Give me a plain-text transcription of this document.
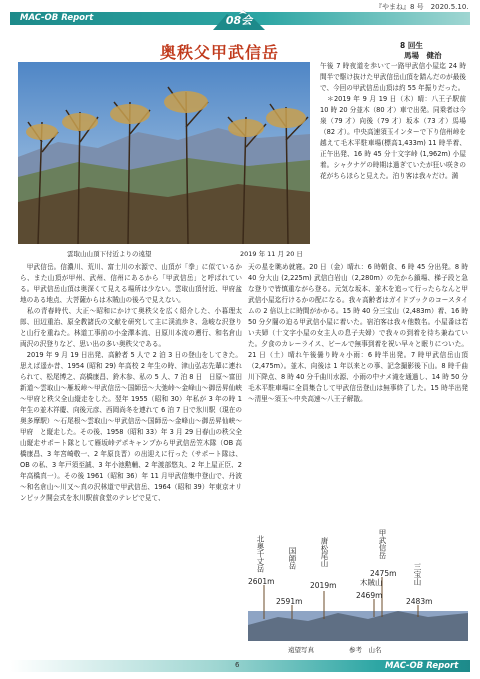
MAC-OB Report
『やまね』8 号　2020.5.10.
08会
奥秩父甲武信岳	8 回生
馬場　健治
雲取山山頂下付近よりの遠望	2019 年 11 月 20 日
午後 7 時夜道を歩いて一路甲武信小屋迄 24 時間半で駆け抜けた甲武信岳山頂を踏んだのが最後で、今回の甲武信岳山頂は約 55 年振りだった。
　＊2019 年 9 月 19 日（木）晴：八王子駅前 10 時 20 分並木（80 才）車で出発。同乗者は今泉（79 才）向後（79 才）坂本（73 才）馬場（82 才）。中央高速須玉インターで下り信州峠を越えて毛木平駐車場(標高1,433m) 11 時半着、正午出発、16 時 45 分十文字峠 (1,962m) 小屋着。シャクナゲの時期は過ぎていたが狂い咲きの花がちらほらと見えた。泊り客は我々だけ。満
　甲武信岳。信濃川、荒川、富士川の水源で、山頂が「拳」に似ているから、また山頂が甲州、武州、信州にあるから「甲武信岳」と呼ばれている。甲武信岳山頂は奥深くて見える場所は少ない。雲取山頂付近、甲府盆地のある地点、大菩薩からは木賊山の後ろで見えない。
　私の青春時代、大正～昭和にかけて奥秩父を広く紹介した、小暮理太郎、田辺重治、原全教諸氏の文献を研究して主に渓流歩き、急峻な沢登りと山行を重ねた。林道工事前の小金澤本流、日原川本流の遡行、和名倉山両沢の沢登りなど、思い出の多い奥秩父である。
　2019 年 9 月 19 日出発、高齢者 5 人で 2 泊 3 日の登山をしてきた。思えば遥か昔、1954 (昭和 29) 年高校 2 年生の時、津山弘志先輩に連れられて、松尾博之、高橋康昌、鈴木参、私の 5 人、7 泊 8 日　日原～富田新道～雲取山～雁坂峠～甲武信岳～国師岳～大弛峠～金峰山～御岳昇仙峡～甲府と秩父全山縦走をした。翌年 1955（昭和 30）年私が 3 年の時 1 年生の並木祥慶、向後元彦、西岡尚冬を連れて 6 泊 7 日で氷川駅（現在の奥多摩駅）～石尾根～雲取山～甲武信岳～国師岳～金峰山～御岳昇仙峡～甲府　と縦走した。その後、1958（昭和 33）年 3 月 29 日春山の秩父全山縦走サポート隊として雁坂峠デポキャンプから甲武信岳笠木隊（OB 高橋康昌、3 年宮崎敬一、2 年原良晋）の出迎えに行った（サポート隊は、OB の私、3 年戸須至誠、3 年小池勲輔、2 年渡部悠丸、2 年上屋正臣、2 年高橋真一）。その後 1961（昭和 36）年 11 月甲武信集中登山で、丹波～和名倉山～川又～真の沢林道で甲武信岳、1964（昭和 39）年東京オリンピック開会式を氷川駅前食堂のテレビで見て、
天の星を眺め就寝。20 日（金）晴れ：6 時朝食、6 時 45 分出発。8 時 40 分大山 (2,225m) 武信白岩山（2,280m）の先から鎖場、梯子段と急な登りで皆慎重ながら登る。元気な坂本、並木を追って行ったらなんと甲武信小屋迄行けるかの配になる。我々高齢者はガイドブックのコースタイムの 2 倍以上に時間がかかる。15 時 40 分三宝山（2,483m）着、16 時 50 分夕闇の迫る甲武信小屋に着いた。宿泊客は我々他数名。小屋番は若い夫婦（十文字小屋の女主人の息子夫婦）で我々の到着を待ち兼ねていた。夕食のカレーライス、ビールで無事到着を祝い早々と眠りについた。21 日（土）晴れ午後曇り時々小雨：6 時半出発。7 時甲武信岳山頂（2,475m）。並木、向後は 1 年以来との事、記念撮影後下山。8 時千曲川下降点、8 時 40 分千曲川水源、小雨の中ナメ滝を通過し、14 時 50 分毛木平駐車場に全員集合して甲武信岳登山は無事終了した。15 時半出発～清里～須玉～中央高速～八王子解散。
北奥千丈岳
2601m
国師岳
2591m
唐松尾山
2019m
甲武信岳
2475m
木賊山
2469m
三宝山
2483m
遠望写真	参考　山名
6	MAC-OB Report
